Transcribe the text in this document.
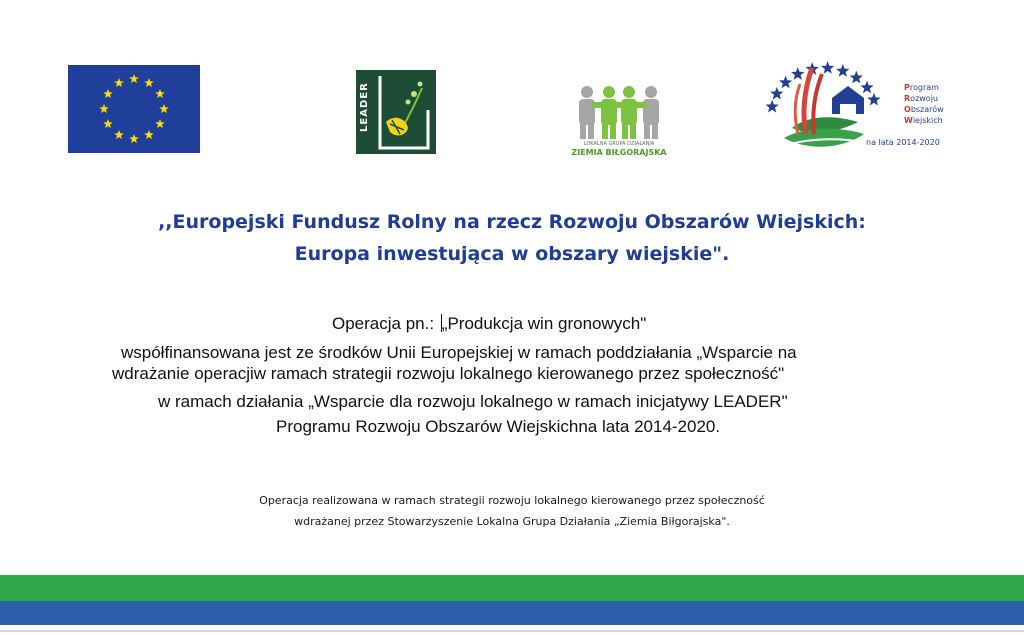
LEADER
LOKALNA GRUPA DZIAŁANIA
ZIEMIA BIŁGORAJSKA
Program
Rozwoju
Obszarów
Wiejskich
na lata 2014-2020

,,Europejski Fundusz Rolny na rzecz Rozwoju Obszarów Wiejskich:

Europa inwestująca w obszary wiejskie".

Operacja pn.: „Produkcja win gronowych"

współfinansowana jest ze środków Unii Europejskiej w ramach poddziałania „Wsparcie na

wdrażanie operacjiw ramach strategii rozwoju lokalnego kierowanego przez społeczność"

w ramach działania „Wsparcie dla rozwoju lokalnego w ramach inicjatywy LEADER"

Programu Rozwoju Obszarów Wiejskichna lata 2014-2020.

Operacja realizowana w ramach strategii rozwoju lokalnego kierowanego przez społeczność

wdrażanej przez Stowarzyszenie Lokalna Grupa Działania „Ziemia Biłgorajska".
